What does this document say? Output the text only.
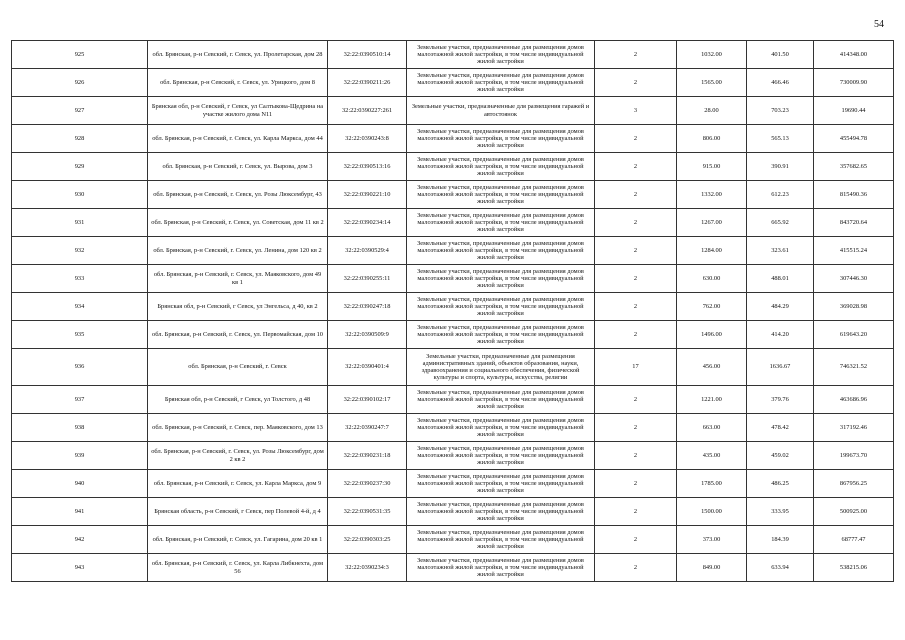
54
925	обл. Брянская, р-н Севский, г. Севск, ул. Пролетарская, дом 28	32:22:0390510:14	Земельные участки, предназначенные для размещения домов малоэтажной жилой застройки, в том числе индивидуальной жилой застройки	2	1032.00	401.50	414348.00
926	обл. Брянская, р-н Севский, г. Севск, ул. Урицкого, дом 8	32:22:0390211:26	Земельные участки, предназначенные для размещения домов малоэтажной жилой застройки, в том числе индивидуальной жилой застройки	2	1565.00	466.46	730009.90
927	Брянская обл, р-н Севский, г Севск, ул Салтыкова-Щедрина на участке жилого дома N11	32:22:0390227:261	Земельные участки, предназначенные для размещения гаражей и автостоянок	3	28.00	703.23	19690.44
928	обл. Брянская, р-н Севский, г. Севск, ул. Карла Маркса, дом 44	32:22:0390243:8	Земельные участки, предназначенные для размещения домов малоэтажной жилой застройки, в том числе индивидуальной жилой застройки	2	806.00	565.13	455494.78
929	обл. Брянская, р-н Севский, г. Севск, ул. Вырова, дом 3	32:22:0390513:16	Земельные участки, предназначенные для размещения домов малоэтажной жилой застройки, в том числе индивидуальной жилой застройки	2	915.00	390.91	357682.65
930	обл. Брянская, р-н Севский, г. Севск, ул. Розы Люксембург, 43	32:22:0390221:10	Земельные участки, предназначенные для размещения домов малоэтажной жилой застройки, в том числе индивидуальной жилой застройки	2	1332.00	612.23	815490.36
931	обл. Брянская, р-н Севский, г. Севск, ул. Советская, дом 11 кв 2	32:22:0390234:14	Земельные участки, предназначенные для размещения домов малоэтажной жилой застройки, в том числе индивидуальной жилой застройки	2	1267.00	665.92	843720.64
932	обл. Брянская, р-н Севский, г. Севск, ул. Ленина, дом 120 кв 2	32:22:0390529:4	Земельные участки, предназначенные для размещения домов малоэтажной жилой застройки, в том числе индивидуальной жилой застройки	2	1284.00	323.61	415515.24
933	обл. Брянская, р-н Севский, г. Севск, ул. Маяковского, дом 49 кв 1	32:22:0390255:11	Земельные участки, предназначенные для размещения домов малоэтажной жилой застройки, в том числе индивидуальной жилой застройки	2	630.00	488.01	307446.30
934	Брянская обл, р-н Севский, г Севск, ул Энгельса, д 40, кв 2	32:22:0390247:18	Земельные участки, предназначенные для размещения домов малоэтажной жилой застройки, в том числе индивидуальной жилой застройки	2	762.00	484.29	369028.98
935	обл. Брянская, р-н Севский, г. Севск, ул. Первомайская, дом 10	32:22:0390509:9	Земельные участки, предназначенные для размещения домов малоэтажной жилой застройки, в том числе индивидуальной жилой застройки	2	1496.00	414.20	619643.20
936	обл. Брянская, р-н Севский, г. Севск	32:22:0390401:4	Земельные участки, предназначенные для размещения административных зданий, объектов образования, науки, здравоохранения и социального обеспечения, физической культуры и спорта, культуры, искусства, религии	17	456.00	1636.67	746321.52
937	Брянская обл, р-н Севский, г Севск, ул Толстого, д 48	32:22:0390102:17	Земельные участки, предназначенные для размещения домов малоэтажной жилой застройки, в том числе индивидуальной жилой застройки	2	1221.00	379.76	463686.96
938	обл. Брянская, р-н Севский, г. Севск, пер. Маяковского, дом 13	32:22:0390247:7	Земельные участки, предназначенные для размещения домов малоэтажной жилой застройки, в том числе индивидуальной жилой застройки	2	663.00	478.42	317192.46
939	обл. Брянская, р-н Севский, г. Севск, ул. Розы Люксембург, дом 2 кв 2	32:22:0390231:18	Земельные участки, предназначенные для размещения домов малоэтажной жилой застройки, в том числе индивидуальной жилой застройки	2	435.00	459.02	199673.70
940	обл. Брянская, р-н Севский, г. Севск, ул. Карла Маркса, дом 9	32:22:0390237:30	Земельные участки, предназначенные для размещения домов малоэтажной жилой застройки, в том числе индивидуальной жилой застройки	2	1785.00	486.25	867956.25
941	Брянская область, р-н Севский, г Севск, пер Полевой 4-й, д 4	32:22:0390531:35	Земельные участки, предназначенные для размещения домов малоэтажной жилой застройки, в том числе индивидуальной жилой застройки	2	1500.00	333.95	500925.00
942	обл. Брянская, р-н Севский, г. Севск, ул. Гагарина, дом 20 кв 1	32:22:0390303:25	Земельные участки, предназначенные для размещения домов малоэтажной жилой застройки, в том числе индивидуальной жилой застройки	2	373.00	184.39	68777.47
943	обл. Брянская, р-н Севский, г. Севск, ул. Карла Либкнехта, дом 56	32:22:0390234:3	Земельные участки, предназначенные для размещения домов малоэтажной жилой застройки, в том числе индивидуальной жилой застройки	2	849.00	633.94	538215.06
